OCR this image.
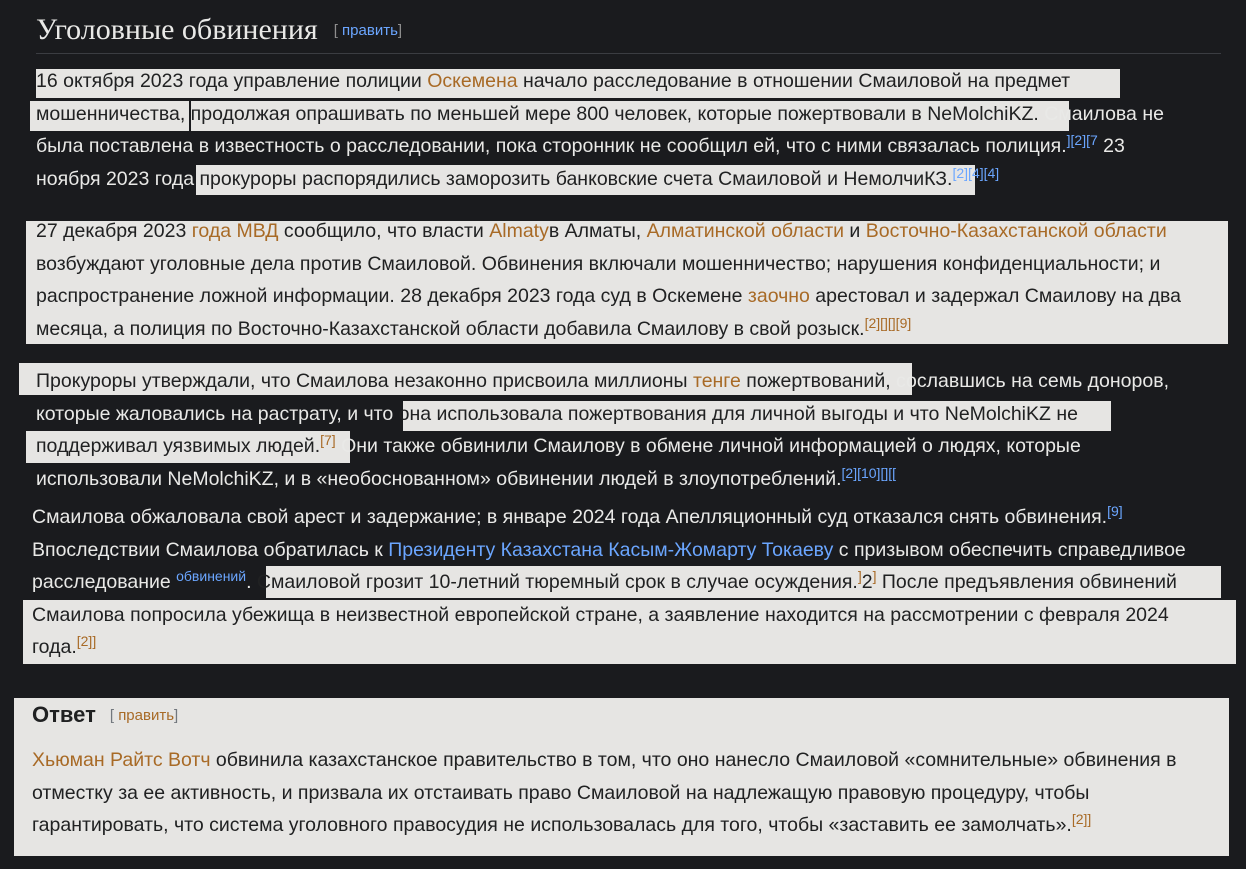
Уголовные обвинения [ править]
16 октября 2023 года управление полиции Оскемена начало расследование в отношении Смаиловой на предмет
мошенничества, продолжая опрашивать по меньшей мере 800 человек, которые пожертвовали в NeMolchiKZ. Смаилова не
была поставлена в известность о расследовании, пока сторонник не сообщил ей, что с ними связалась полиция.$^{][2][7}$ 23
ноября 2023 года прокуроры распорядились заморозить банковские счета Смаиловой и НемолчиКЗ.[2][4][4]
27 декабря 2023 года МВД сообщило, что власти Almatyв Алматы, Алматинской области и Восточно-Казахстанской области
возбуждают уголовные дела против Смаиловой. Обвинения включали мошенничество; нарушения конфиденциальности; и
распространение ложной информации. 28 декабря 2023 года суд в Оскемене заочно арестовал и задержал Смаилову на два
месяца, а полиция по Восточно-Казахстанской области добавила Смаилову в свой розыск.[2][][][9]
Прокуроры утверждали, что Смаилова незаконно присвоила миллионы тенге пожертвований, сославшись на семь доноров,
которые жаловались на растрату, и что она использовала пожертвования для личной выгоды и что NeMolchiKZ не
поддерживал уязвимых людей.[7] Они также обвинили Смаилову в обмене личной информацией о людях, которые
использовали NeMolchiKZ, и в «необоснованном» обвинении людей в злоупотреблений.$^{[2][10][][[}$
Смаилова обжаловала свой арест и задержание; в январе 2024 года Апелляционный суд отказался снять обвинения.[9]
Впоследствии Смаилова обратилась к Президенту Казахстана Касым-Жомарту Токаеву с призывом обеспечить справедливое
расследование $^{обвинений}$. Смаиловой грозит 10-летний тюремный срок в случае осуждения.]2] После предъявления обвинений
Смаилова попросила убежища в неизвестной европейской стране, а заявление находится на рассмотрении с февраля 2024
года.[2]]
Ответ [ править]
Хьюман Райтс Вотч обвинила казахстанское правительство в том, что оно нанесло Смаиловой «сомнительные» обвинения в
отместку за ее активность, и призвала их отстаивать право Смаиловой на надлежащую правовую процедуру, чтобы
гарантировать, что система уголовного правосудия не использовалась для того, чтобы «заставить ее замолчать».[2]]
